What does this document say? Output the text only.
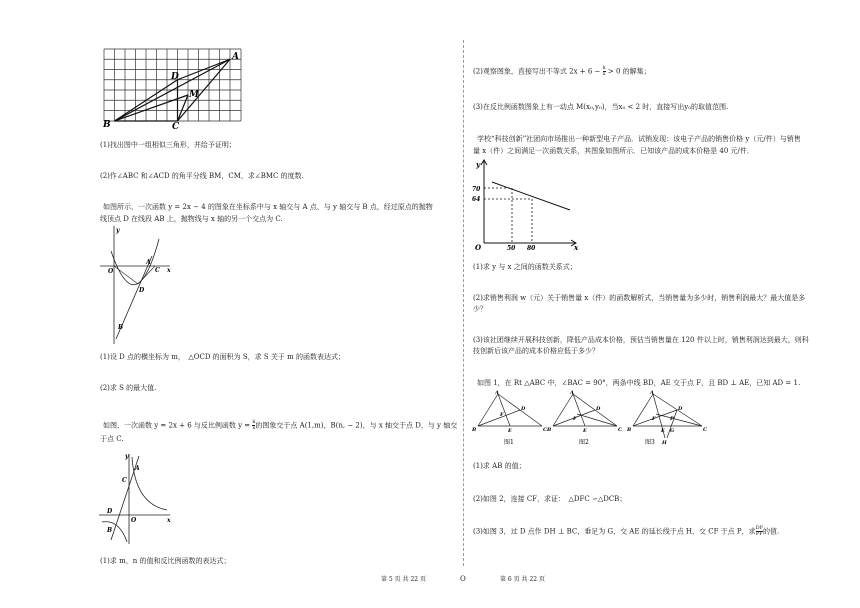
A
B	C
D
M
(1)找出图中一组相似三角形，并给予证明；
(2)作∠ABC 和∠ACD 的角平分线 BM，CM，求∠BMC 的度数.
如图所示，一次函数 y = 2x − 4 的图象在坐标系中与 x 轴交与 A 点，与 y 轴交与 B 点，经过原点的抛物
线顶点 D 在线段 AB 上，抛物线与 x 轴的另一个交点为 C.
y
x
O
A
C
D
B
(1)设 D 点的横坐标为 m，　△OCD 的面积为 S，求 S 关于 m 的函数表达式；
(2)求 S 的最大值.
如图，一次函数 y = 2x + 6 与反比例函数 $y = \frac{k}{x}$ 的图象交于点 A(1,m)，B(n, − 2)，与 x 轴交于点 D，与 y 轴交
于点 C.
y
A
C
D
O
B
x
(1)求 m，n 的值和反比例函数的表达式；
(2)观察图象，直接写出不等式 $2x + 6 - \frac{k}{x} > 0$ 的解集；
(3)在反比例函数图象上有一动点 M(x₀,y₀)，当x₀ < 2 时，直接写出y₀的取值范围.
学校“科技创新”社团向市场推出一种新型电子产品．试销发现：该电子产品的销售价格 y（元/件）与销售
量 x（件）之间满足一次函数关系，其图象如图所示．已知该产品的成本价格是 40 元/件．
y
x
O
70
64
50 80
(1)求 y 与 x 之间的函数关系式；
(2)求销售利润 w（元）关于销售量 x（件）的函数解析式，当销售量为多少时，销售利润最大？最大值是多
少？
(3)该社团继续开展科技创新，降低产品成本价格，预估当销售量在 120 件以上时，销售利润达到最大，则科
技创新后该产品的成本价格应低于多少？
如图 1，在 Rt △ABC 中，∠BAC = 90°，两条中线 BD，AE 交于点 F，且 BD ⊥ AE，已知 AD = 1.
A
B	C
D
E
F
图1
A
B	C
D
E
F
图2
A
B	C
D
E
F
G
P
H
图3
(1)求 AB 的值；
(2)如图 2，连接 CF，求证：　△DFC ∽△DCB；
(3)如图 3，过 D 点作 DH ⊥ BC，垂足为 G，交 AE 的延长线于点 H，交 CF 于点 P，求 $\frac{DP}{PF}$ 的值.
第 5 页 共 22 页	O	第 6 页 共 22 页
